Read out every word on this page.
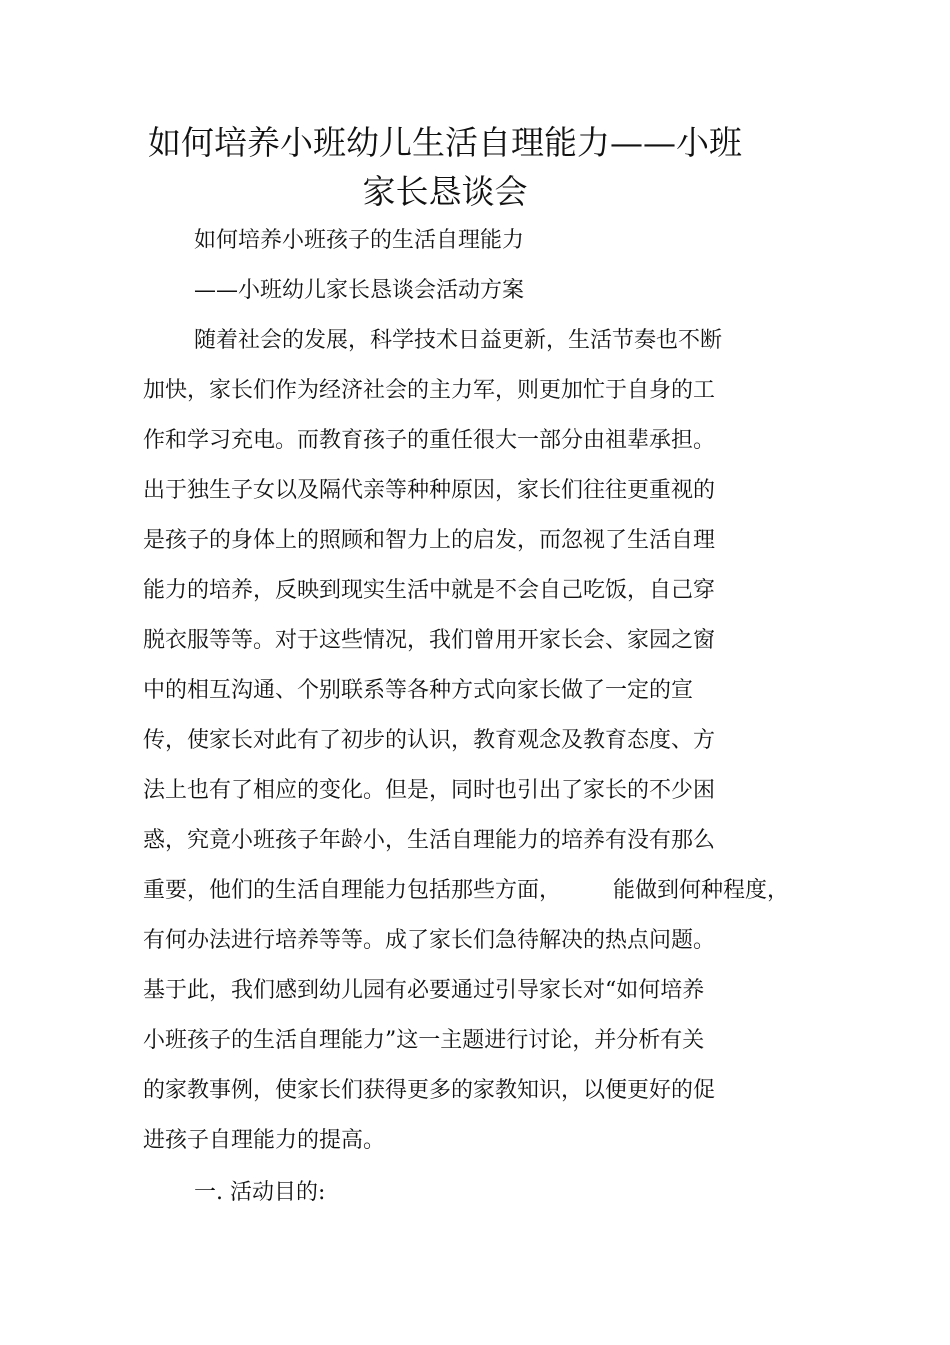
如何培养小班幼儿生活自理能力——小班
家长恳谈会

如何培养小班孩子的生活自理能力

——小班幼儿家长恳谈会活动方案

随着社会的发展，科学技术日益更新，生活节奏也不断

加快，家长们作为经济社会的主力军，则更加忙于自身的工

作和学习充电。而教育孩子的重任很大一部分由祖辈承担。

出于独生子女以及隔代亲等种种原因，家长们往往更重视的

是孩子的身体上的照顾和智力上的启发，而忽视了生活自理

能力的培养，反映到现实生活中就是不会自己吃饭，自己穿

脱衣服等等。对于这些情况，我们曾用开家长会、家园之窗

中的相互沟通、个别联系等各种方式向家长做了一定的宣

传，使家长对此有了初步的认识，教育观念及教育态度、方

法上也有了相应的变化。但是，同时也引出了家长的不少困

惑，究竟小班孩子年龄小，生活自理能力的培养有没有那么

重要，他们的生活自理能力包括那些方面， 能做到何种程度，

有何办法进行培养等等。成了家长们急待解决的热点问题。

基于此，我们感到幼儿园有必要通过引导家长对“如何培养

小班孩子的生活自理能力”这一主题进行讨论，并分析有关

的家教事例，使家长们获得更多的家教知识，以便更好的促

进孩子自理能力的提高。

一. 活动目的:
